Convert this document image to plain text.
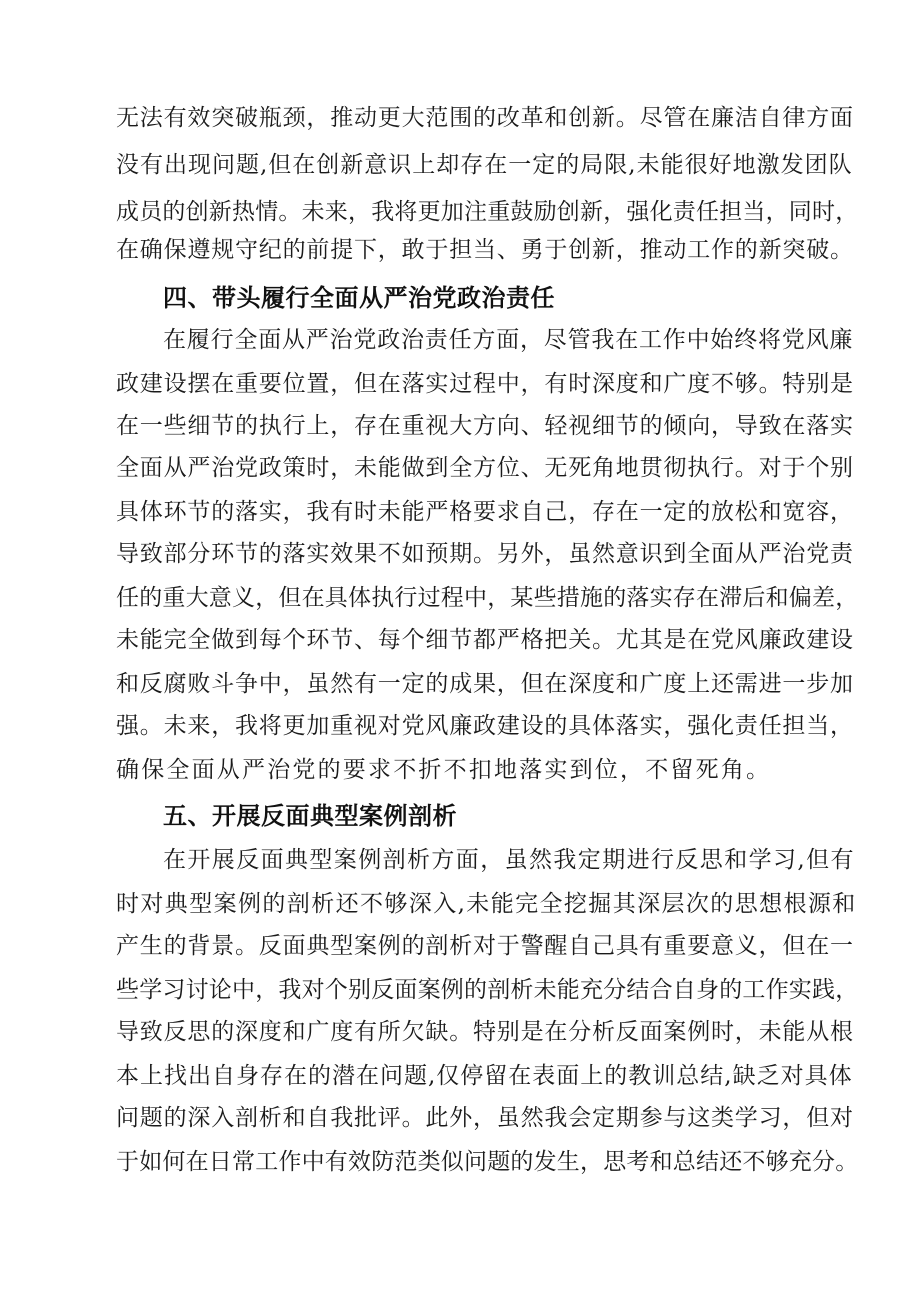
无法有效突破瓶颈，推动更大范围的改革和创新。尽管在廉洁自律方面
没有出现问题,但在创新意识上却存在一定的局限,未能很好地激发团队
成员的创新热情。未来，我将更加注重鼓励创新，强化责任担当，同时，
在确保遵规守纪的前提下，敢于担当、勇于创新，推动工作的新突破。
四、带头履行全面从严治党政治责任
在履行全面从严治党政治责任方面，尽管我在工作中始终将党风廉
政建设摆在重要位置，但在落实过程中，有时深度和广度不够。特别是
在一些细节的执行上，存在重视大方向、轻视细节的倾向，导致在落实
全面从严治党政策时，未能做到全方位、无死角地贯彻执行。对于个别
具体环节的落实，我有时未能严格要求自己，存在一定的放松和宽容，
导致部分环节的落实效果不如预期。另外，虽然意识到全面从严治党责
任的重大意义，但在具体执行过程中，某些措施的落实存在滞后和偏差，
未能完全做到每个环节、每个细节都严格把关。尤其是在党风廉政建设
和反腐败斗争中，虽然有一定的成果，但在深度和广度上还需进一步加
强。未来，我将更加重视对党风廉政建设的具体落实，强化责任担当，
确保全面从严治党的要求不折不扣地落实到位，不留死角。
五、开展反面典型案例剖析
在开展反面典型案例剖析方面，虽然我定期进行反思和学习,但有
时对典型案例的剖析还不够深入,未能完全挖掘其深层次的思想根源和
产生的背景。反面典型案例的剖析对于警醒自己具有重要意义，但在一
些学习讨论中，我对个别反面案例的剖析未能充分结合自身的工作实践，
导致反思的深度和广度有所欠缺。特别是在分析反面案例时，未能从根
本上找出自身存在的潜在问题,仅停留在表面上的教训总结,缺乏对具体
问题的深入剖析和自我批评。此外，虽然我会定期参与这类学习，但对
于如何在日常工作中有效防范类似问题的发生，思考和总结还不够充分。
